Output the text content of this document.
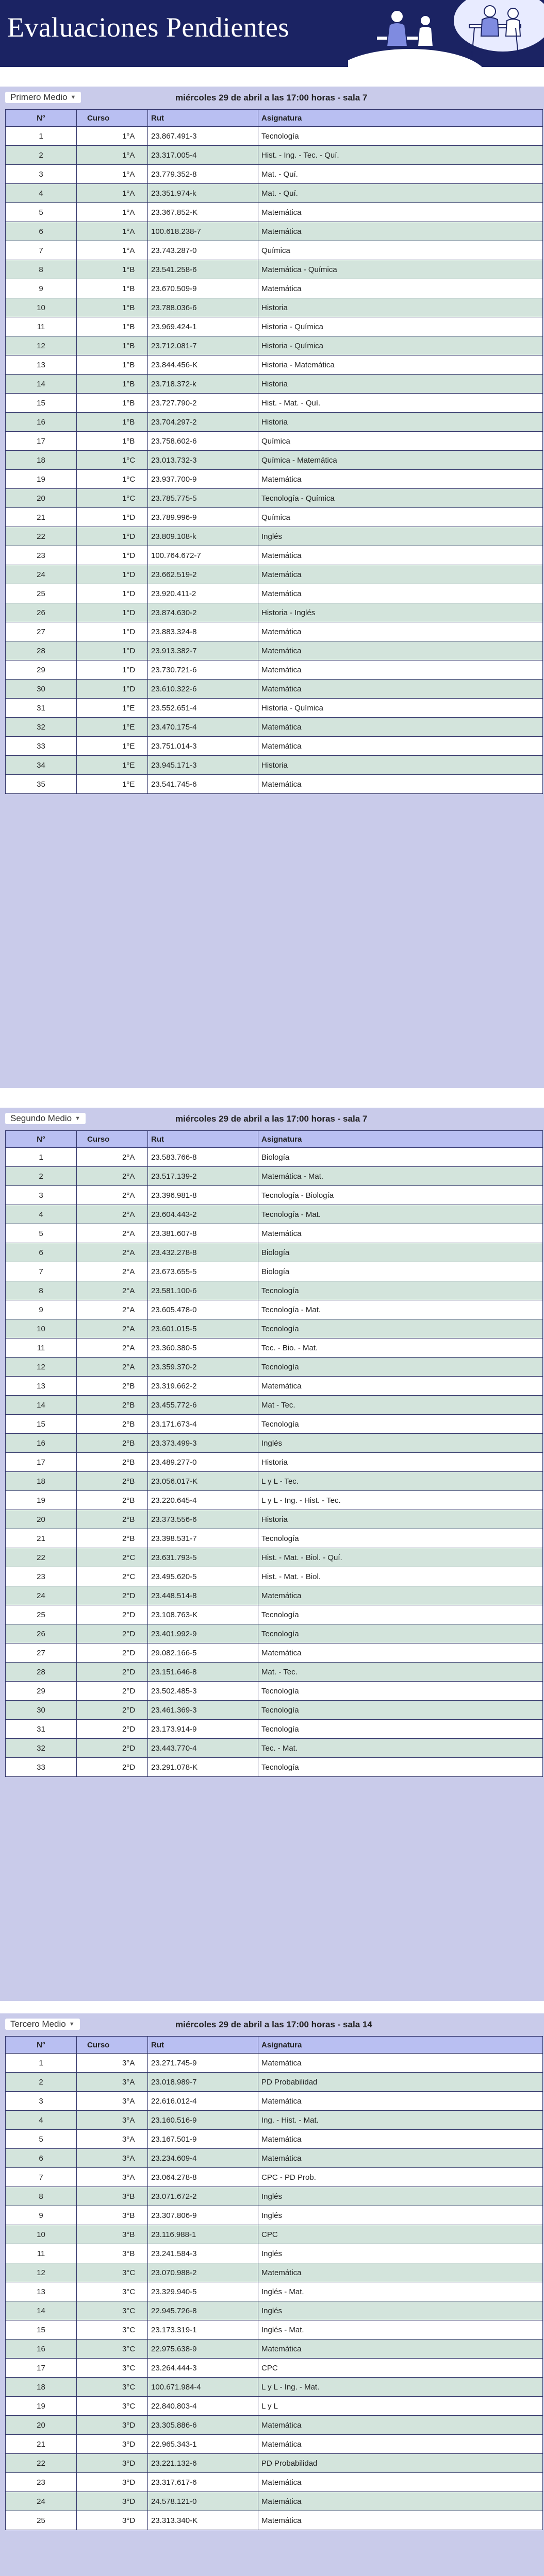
Evaluaciones Pendientes
Primero Medio ▼	miércoles 29 de abril a las 17:00 horas - sala 7
N°	Curso	Rut	Asignatura
1	1°A	23.867.491-3	Tecnología
2	1°A	23.317.005-4	Hist. - Ing. - Tec. - Quí.
3	1°A	23.779.352-8	Mat. - Quí.
4	1°A	23.351.974-k	Mat. - Quí.
5	1°A	23.367.852-K	Matemática
6	1°A	100.618.238-7	Matemática
7	1°A	23.743.287-0	Química
8	1°B	23.541.258-6	Matemática - Química
9	1°B	23.670.509-9	Matemática
10	1°B	23.788.036-6	Historia
11	1°B	23.969.424-1	Historia - Química
12	1°B	23.712.081-7	Historia - Química
13	1°B	23.844.456-K	Historia - Matemática
14	1°B	23.718.372-k	Historia
15	1°B	23.727.790-2	Hist. - Mat. - Quí.
16	1°B	23.704.297-2	Historia
17	1°B	23.758.602-6	Química
18	1°C	23.013.732-3	Química - Matemática
19	1°C	23.937.700-9	Matemática
20	1°C	23.785.775-5	Tecnología - Química
21	1°D	23.789.996-9	Química
22	1°D	23.809.108-k	Inglés
23	1°D	100.764.672-7	Matemática
24	1°D	23.662.519-2	Matemática
25	1°D	23.920.411-2	Matemática
26	1°D	23.874.630-2	Historia - Inglés
27	1°D	23.883.324-8	Matemática
28	1°D	23.913.382-7	Matemática
29	1°D	23.730.721-6	Matemática
30	1°D	23.610.322-6	Matemática
31	1°E	23.552.651-4	Historia - Química
32	1°E	23.470.175-4	Matemática
33	1°E	23.751.014-3	Matemática
34	1°E	23.945.171-3	Historia
35	1°E	23.541.745-6	Matemática
Segundo Medio ▼	miércoles 29 de abril a las 17:00 horas - sala 7
N°	Curso	Rut	Asignatura
1	2°A	23.583.766-8	Biología
2	2°A	23.517.139-2	Matemática - Mat.
3	2°A	23.396.981-8	Tecnología - Biología
4	2°A	23.604.443-2	Tecnología - Mat.
5	2°A	23.381.607-8	Matemática
6	2°A	23.432.278-8	Biología
7	2°A	23.673.655-5	Biología
8	2°A	23.581.100-6	Tecnología
9	2°A	23.605.478-0	Tecnología - Mat.
10	2°A	23.601.015-5	Tecnología
11	2°A	23.360.380-5	Tec. - Bio. - Mat.
12	2°A	23.359.370-2	Tecnología
13	2°B	23.319.662-2	Matemática
14	2°B	23.455.772-6	Mat - Tec.
15	2°B	23.171.673-4	Tecnología
16	2°B	23.373.499-3	Inglés
17	2°B	23.489.277-0	Historia
18	2°B	23.056.017-K	L y L - Tec.
19	2°B	23.220.645-4	L y L - Ing. - Hist. - Tec.
20	2°B	23.373.556-6	Historia
21	2°B	23.398.531-7	Tecnología
22	2°C	23.631.793-5	Hist. - Mat. - Biol. - Quí.
23	2°C	23.495.620-5	Hist. - Mat. - Biol.
24	2°D	23.448.514-8	Matemática
25	2°D	23.108.763-K	Tecnología
26	2°D	23.401.992-9	Tecnología
27	2°D	29.082.166-5	Matemática
28	2°D	23.151.646-8	Mat. - Tec.
29	2°D	23.502.485-3	Tecnología
30	2°D	23.461.369-3	Tecnología
31	2°D	23.173.914-9	Tecnología
32	2°D	23.443.770-4	Tec. - Mat.
33	2°D	23.291.078-K	Tecnología
Tercero Medio ▼	miércoles 29 de abril a las 17:00 horas - sala 14
N°	Curso	Rut	Asignatura
1	3°A	23.271.745-9	Matemática
2	3°A	23.018.989-7	PD Probabilidad
3	3°A	22.616.012-4	Matemática
4	3°A	23.160.516-9	Ing. - Hist. - Mat.
5	3°A	23.167.501-9	Matemática
6	3°A	23.234.609-4	Matemática
7	3°A	23.064.278-8	CPC - PD Prob.
8	3°B	23.071.672-2	Inglés
9	3°B	23.307.806-9	Inglés
10	3°B	23.116.988-1	CPC
11	3°B	23.241.584-3	Inglés
12	3°C	23.070.988-2	Matemática
13	3°C	23.329.940-5	Inglés - Mat.
14	3°C	22.945.726-8	Inglés
15	3°C	23.173.319-1	Inglés - Mat.
16	3°C	22.975.638-9	Matemática
17	3°C	23.264.444-3	CPC
18	3°C	100.671.984-4	L y L - Ing. - Mat.
19	3°C	22.840.803-4	L y L
20	3°D	23.305.886-6	Matemática
21	3°D	22.965.343-1	Matemática
22	3°D	23.221.132-6	PD Probabilidad
23	3°D	23.317.617-6	Matemática
24	3°D	24.578.121-0	Matemática
25	3°D	23.313.340-K	Matemática
